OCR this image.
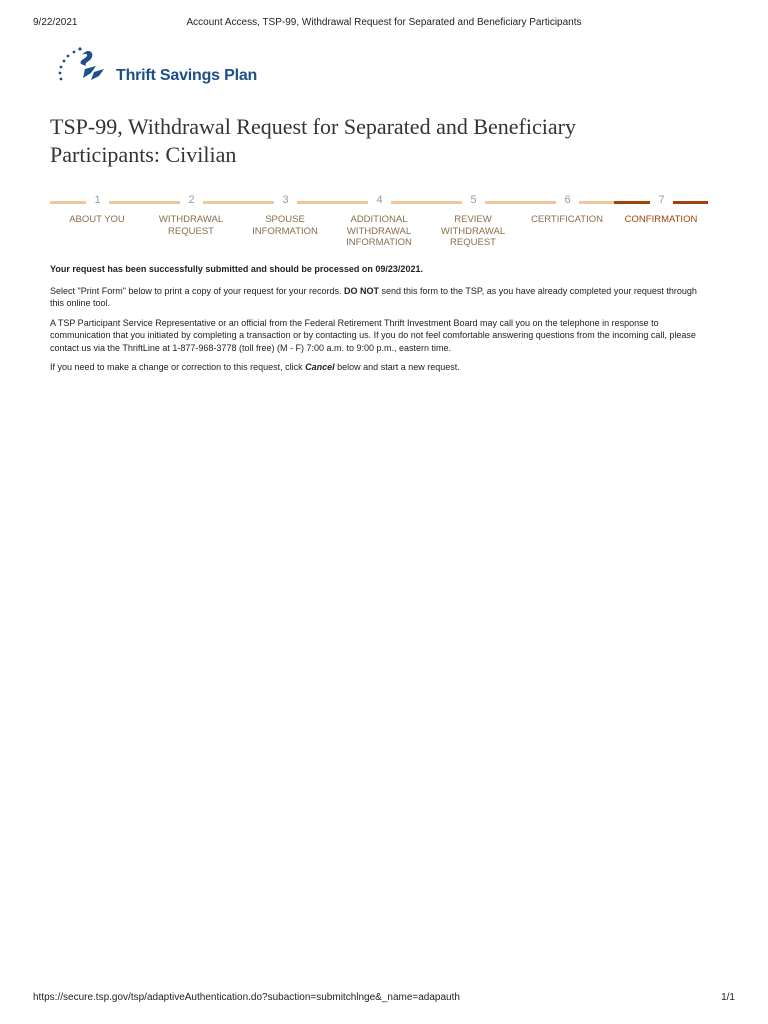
9/22/2021	Account Access, TSP-99, Withdrawal Request for Separated and Beneficiary Participants
Thrift Savings Plan
TSP-99, Withdrawal Request for Separated and Beneficiary Participants: Civilian
1
ABOUT YOU
2
WITHDRAWAL REQUEST
3
SPOUSE INFORMATION
4
ADDITIONAL WITHDRAWAL INFORMATION
5
REVIEW WITHDRAWAL REQUEST
6
CERTIFICATION
7
CONFIRMATION

Your request has been successfully submitted and should be processed on 09/23/2021.

Select "Print Form" below to print a copy of your request for your records. DO NOT send this form to the TSP, as you have already completed your request through this online tool.

A TSP Participant Service Representative or an official from the Federal Retirement Thrift Investment Board may call you on the telephone in response to communication that you initiated by completing a transaction or by contacting us. If you do not feel comfortable answering questions from the incoming call, please contact us via the ThriftLine at 1-877-968-3778 (toll free) (M - F) 7:00 a.m. to 9:00 p.m., eastern time.

If you need to make a change or correction to this request, click Cancel below and start a new request.

https://secure.tsp.gov/tsp/adaptiveAuthentication.do?subaction=submitchlnge&_name=adapauth	1/1
